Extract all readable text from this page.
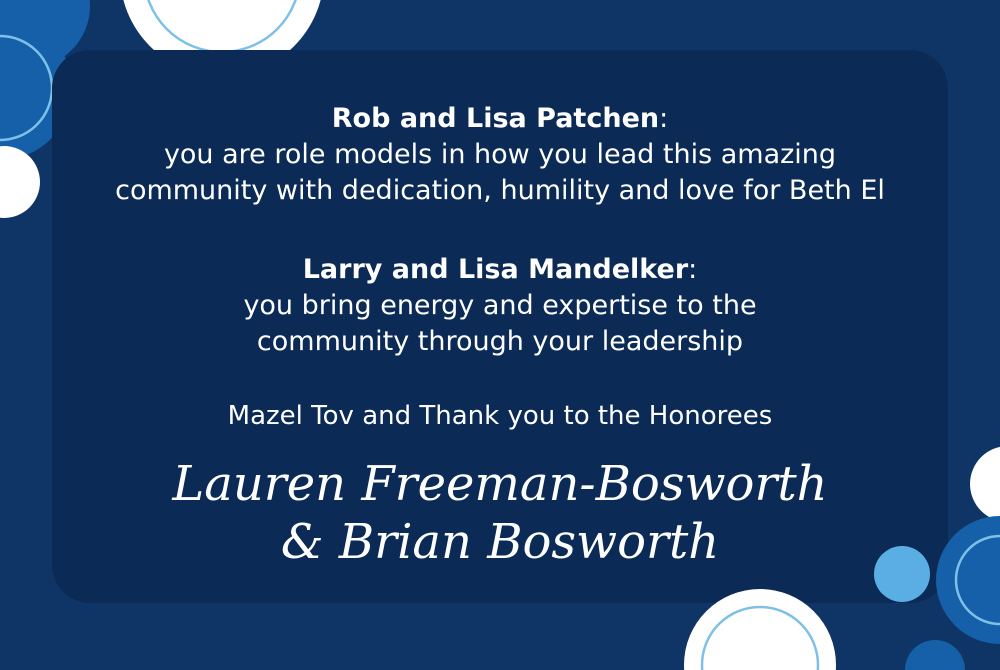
Rob and Lisa Patchen:
you are role models in how you lead this amazing
community with dedication, humility and love for Beth El
Larry and Lisa Mandelker:
you bring energy and expertise to the
community through your leadership
Mazel Tov and Thank you to the Honorees
Lauren Freeman-Bosworth
& Brian Bosworth
